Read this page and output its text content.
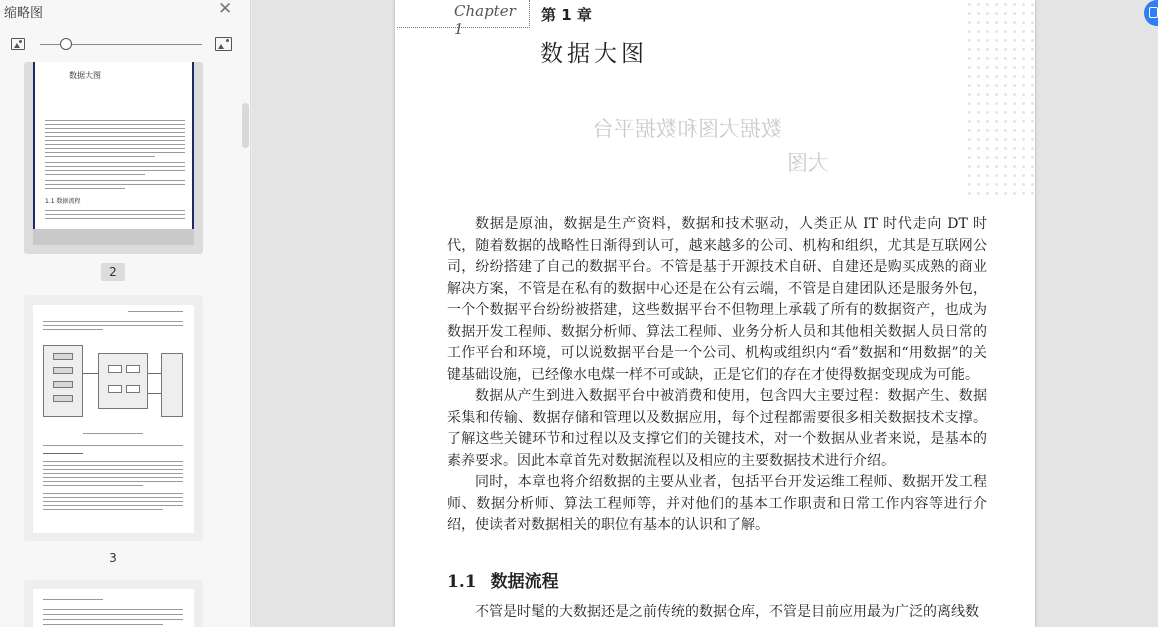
缩略图	✕
数据大图
1.1 数据流程
2
3
Chapter 1
第 1 章
数据大图
数据大图和数据平台
大图

数据是原油，数据是生产资料，数据和技术驱动，人类正从 IT 时代走向 DT 时代，随着数据的战略性日渐得到认可，越来越多的公司、机构和组织，尤其是互联网公司，纷纷搭建了自己的数据平台。不管是基于开源技术自研、自建还是购买成熟的商业解决方案，不管是在私有的数据中心还是在公有云端，不管是自建团队还是服务外包，一个个数据平台纷纷被搭建，这些数据平台不但物理上承载了所有的数据资产，也成为数据开发工程师、数据分析师、算法工程师、业务分析人员和其他相关数据人员日常的工作平台和环境，可以说数据平台是一个公司、机构或组织内“看”数据和“用数据”的关键基础设施，已经像水电煤一样不可或缺，正是它们的存在才使得数据变现成为可能。

数据从产生到进入数据平台中被消费和使用，包含四大主要过程：数据产生、数据采集和传输、数据存储和管理以及数据应用，每个过程都需要很多相关数据技术支撑。了解这些关键环节和过程以及支撑它们的关键技术，对一个数据从业者来说，是基本的素养要求。因此本章首先对数据流程以及相应的主要数据技术进行介绍。

同时，本章也将介绍数据的主要从业者，包括平台开发运维工程师、数据开发工程师、数据分析师、算法工程师等，并对他们的基本工作职责和日常工作内容等进行介绍，使读者对数据相关的职位有基本的认识和了解。

1.1 数据流程
不管是时髦的大数据还是之前传统的数据仓库，不管是目前应用最为广泛的离线数
